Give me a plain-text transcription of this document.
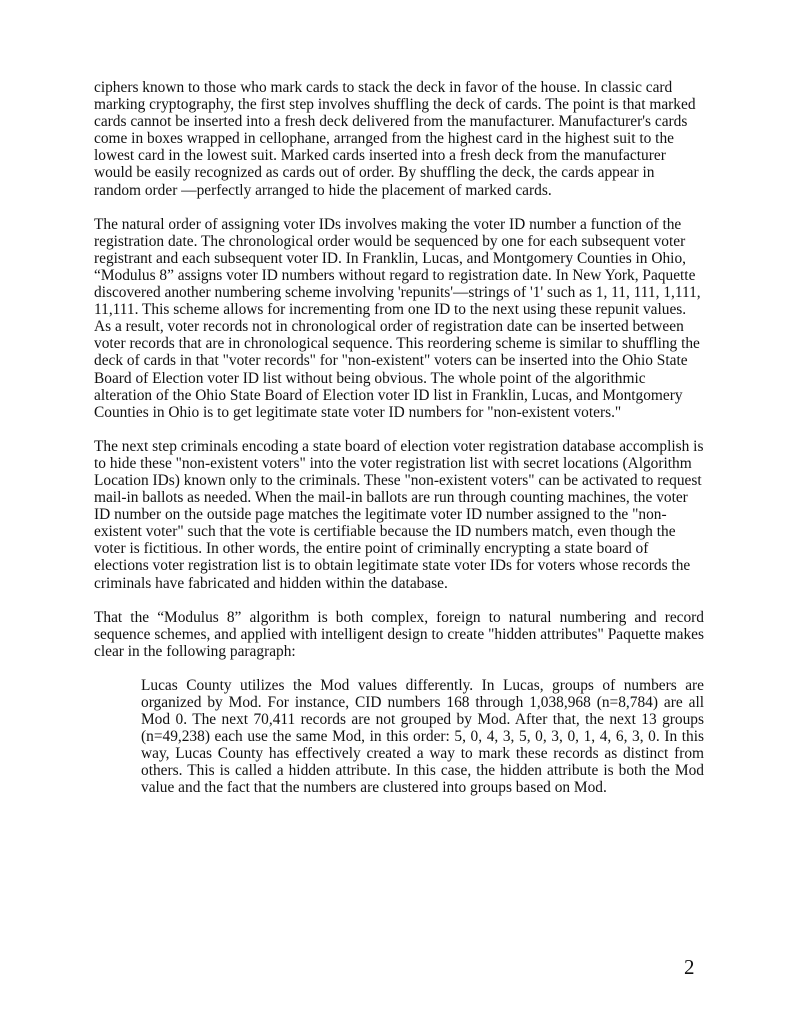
ciphers known to those who mark cards to stack the deck in favor of the house. In classic card marking cryptography, the first step involves shuffling the deck of cards. The point is that marked cards cannot be inserted into a fresh deck delivered from the manufacturer. Manufacturer's cards come in boxes wrapped in cellophane, arranged from the highest card in the highest suit to the lowest card in the lowest suit. Marked cards inserted into a fresh deck from the manufacturer would be easily recognized as cards out of order. By shuffling the deck, the cards appear in random order —perfectly arranged to hide the placement of marked cards.

The natural order of assigning voter IDs involves making the voter ID number a function of the registration date. The chronological order would be sequenced by one for each subsequent voter registrant and each subsequent voter ID. In Franklin, Lucas, and Montgomery Counties in Ohio, “Modulus 8” assigns voter ID numbers without regard to registration date. In New York, Paquette discovered another numbering scheme involving 'repunits'—strings of '1' such as 1, 11, 111, 1,111, 11,111. This scheme allows for incrementing from one ID to the next using these repunit values. As a result, voter records not in chronological order of registration date can be inserted between voter records that are in chronological sequence. This reordering scheme is similar to shuffling the deck of cards in that "voter records" for "non-existent" voters can be inserted into the Ohio State Board of Election voter ID list without being obvious. The whole point of the algorithmic alteration of the Ohio State Board of Election voter ID list in Franklin, Lucas, and Montgomery Counties in Ohio is to get legitimate state voter ID numbers for "non-existent voters."

The next step criminals encoding a state board of election voter registration database accomplish is to hide these "non-existent voters" into the voter registration list with secret locations (Algorithm Location IDs) known only to the criminals. These "non-existent voters" can be activated to request mail-in ballots as needed. When the mail-in ballots are run through counting machines, the voter ID number on the outside page matches the legitimate voter ID number assigned to the "non-existent voter" such that the vote is certifiable because the ID numbers match, even though the voter is fictitious. In other words, the entire point of criminally encrypting a state board of elections voter registration list is to obtain legitimate state voter IDs for voters whose records the criminals have fabricated and hidden within the database.

That the “Modulus 8” algorithm is both complex, foreign to natural numbering and record sequence schemes, and applied with intelligent design to create "hidden attributes" Paquette makes clear in the following paragraph:

Lucas County utilizes the Mod values differently. In Lucas, groups of numbers are organized by Mod. For instance, CID numbers 168 through 1,038,968 (n=8,784) are all Mod 0. The next 70,411 records are not grouped by Mod. After that, the next 13 groups (n=49,238) each use the same Mod, in this order: 5, 0, 4, 3, 5, 0, 3, 0, 1, 4, 6, 3, 0. In this way, Lucas County has effectively created a way to mark these records as distinct from others. This is called a hidden attribute. In this case, the hidden attribute is both the Mod value and the fact that the numbers are clustered into groups based on Mod.

2
